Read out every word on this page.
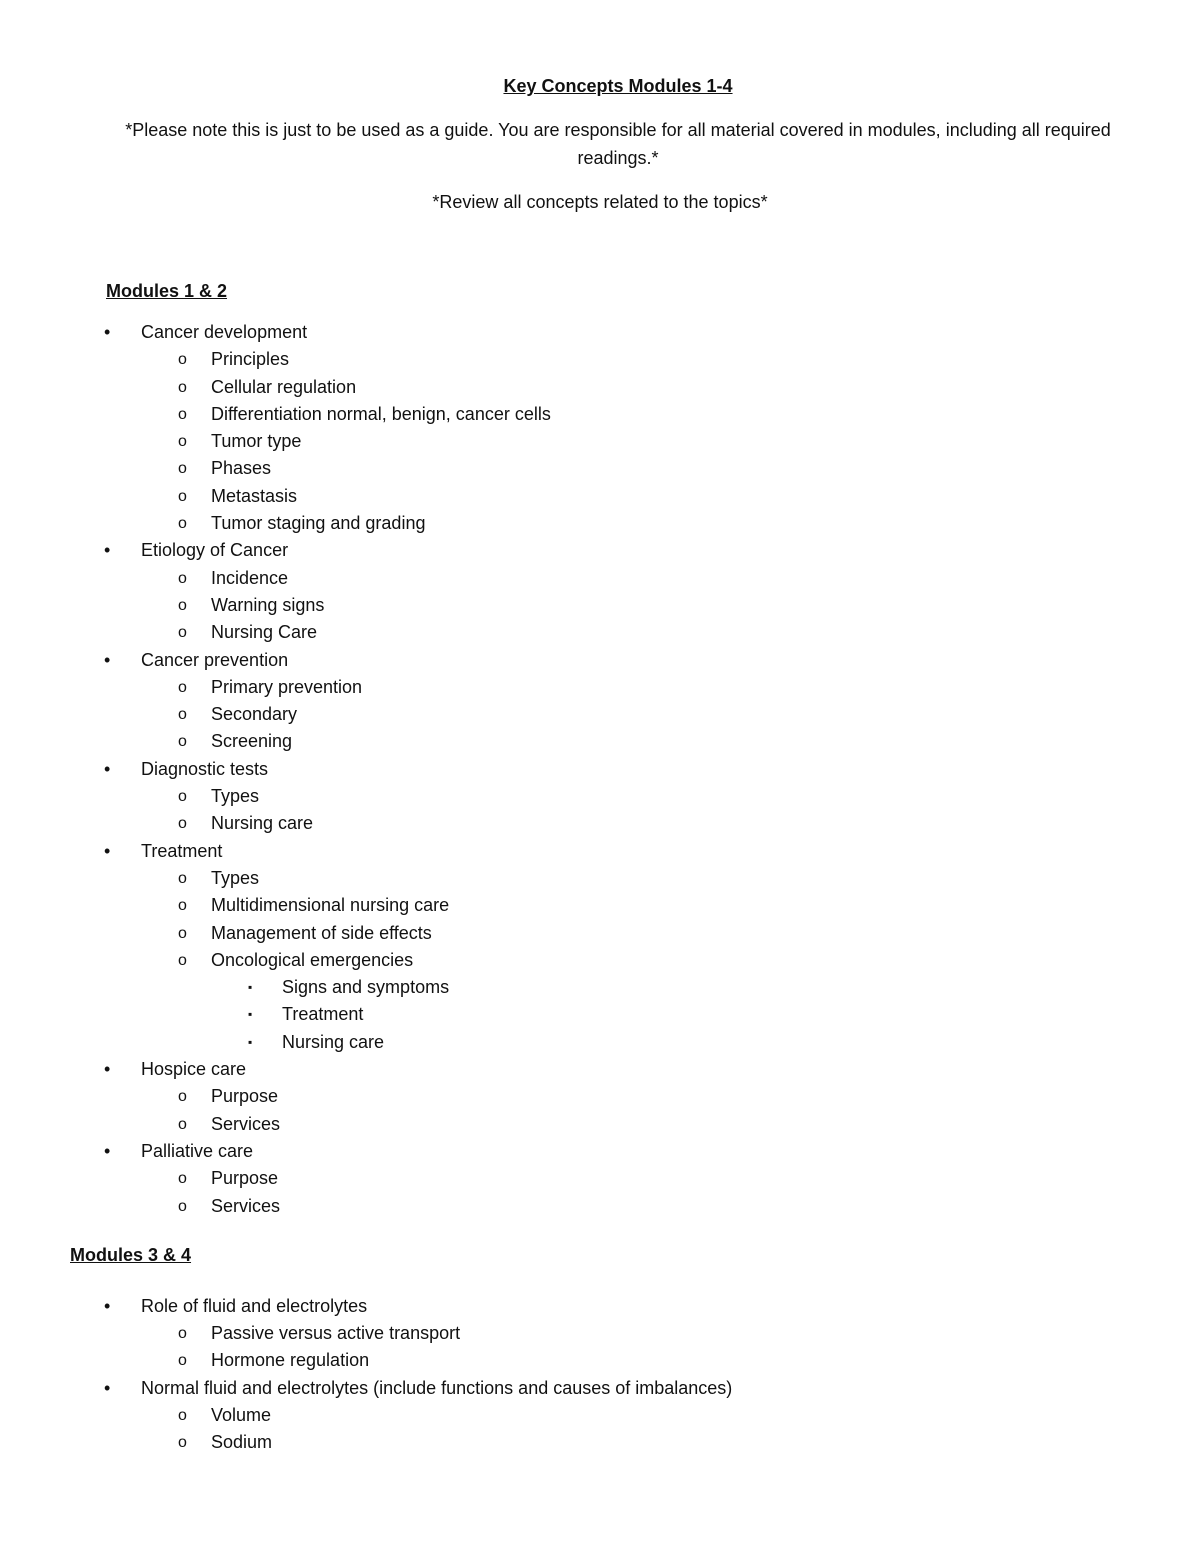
Key Concepts Modules 1-4
*Please note this is just to be used as a guide. You are responsible for all material covered in modules, including all required readings.*
*Review all concepts related to the topics*
Modules 1 & 2
• Cancer development
o Principles
o Cellular regulation
o Differentiation normal, benign, cancer cells
o Tumor type
o Phases
o Metastasis
o Tumor staging and grading
• Etiology of Cancer
o Incidence
o Warning signs
o Nursing Care
• Cancer prevention
o Primary prevention
o Secondary
o Screening
• Diagnostic tests
o Types
o Nursing care
• Treatment
o Types
o Multidimensional nursing care
o Management of side effects
o Oncological emergencies
▪ Signs and symptoms
▪ Treatment
▪ Nursing care
• Hospice care
o Purpose
o Services
• Palliative care
o Purpose
o Services
Modules 3 & 4
• Role of fluid and electrolytes
o Passive versus active transport
o Hormone regulation
• Normal fluid and electrolytes (include functions and causes of imbalances)
o Volume
o Sodium
